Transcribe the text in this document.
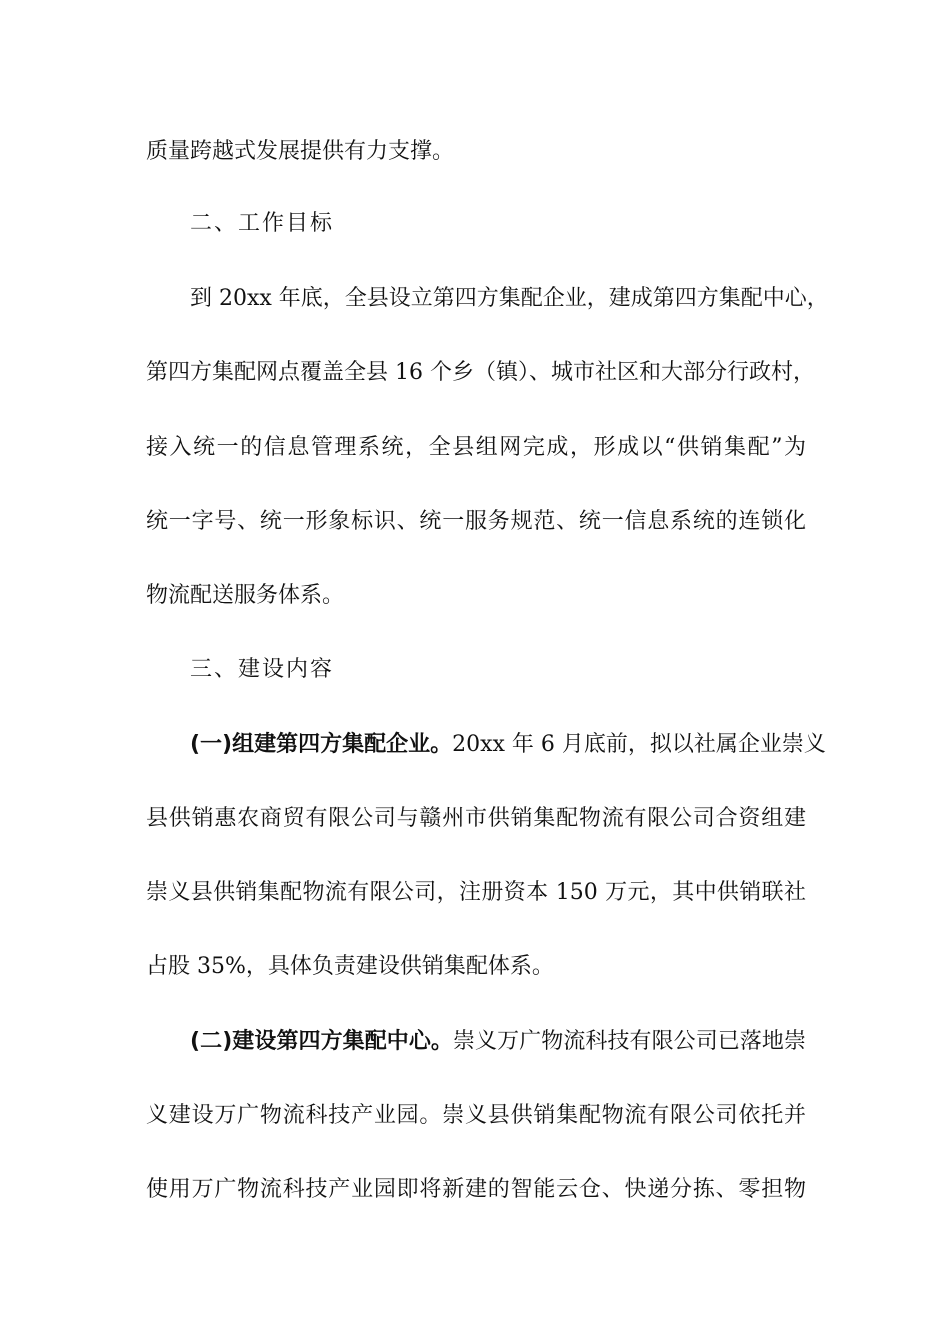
质量跨越式发展提供有力支撑。
二、工作目标
到 20xx 年底，全县设立第四方集配企业，建成第四方集配中心，
第四方集配网点覆盖全县 16 个乡（镇）、城市社区和大部分行政村，
接入统一的信息管理系统，全县组网完成，形成以“供销集配”为
统一字号、统一形象标识、统一服务规范、统一信息系统的连锁化
物流配送服务体系。
三、建设内容
(一)组建第四方集配企业。20xx 年 6 月底前，拟以社属企业崇义
县供销惠农商贸有限公司与赣州市供销集配物流有限公司合资组建
崇义县供销集配物流有限公司，注册资本 150 万元，其中供销联社
占股 35%，具体负责建设供销集配体系。
(二)建设第四方集配中心。崇义万广物流科技有限公司已落地崇
义建设万广物流科技产业园。崇义县供销集配物流有限公司依托并
使用万广物流科技产业园即将新建的智能云仓、快递分拣、零担物
